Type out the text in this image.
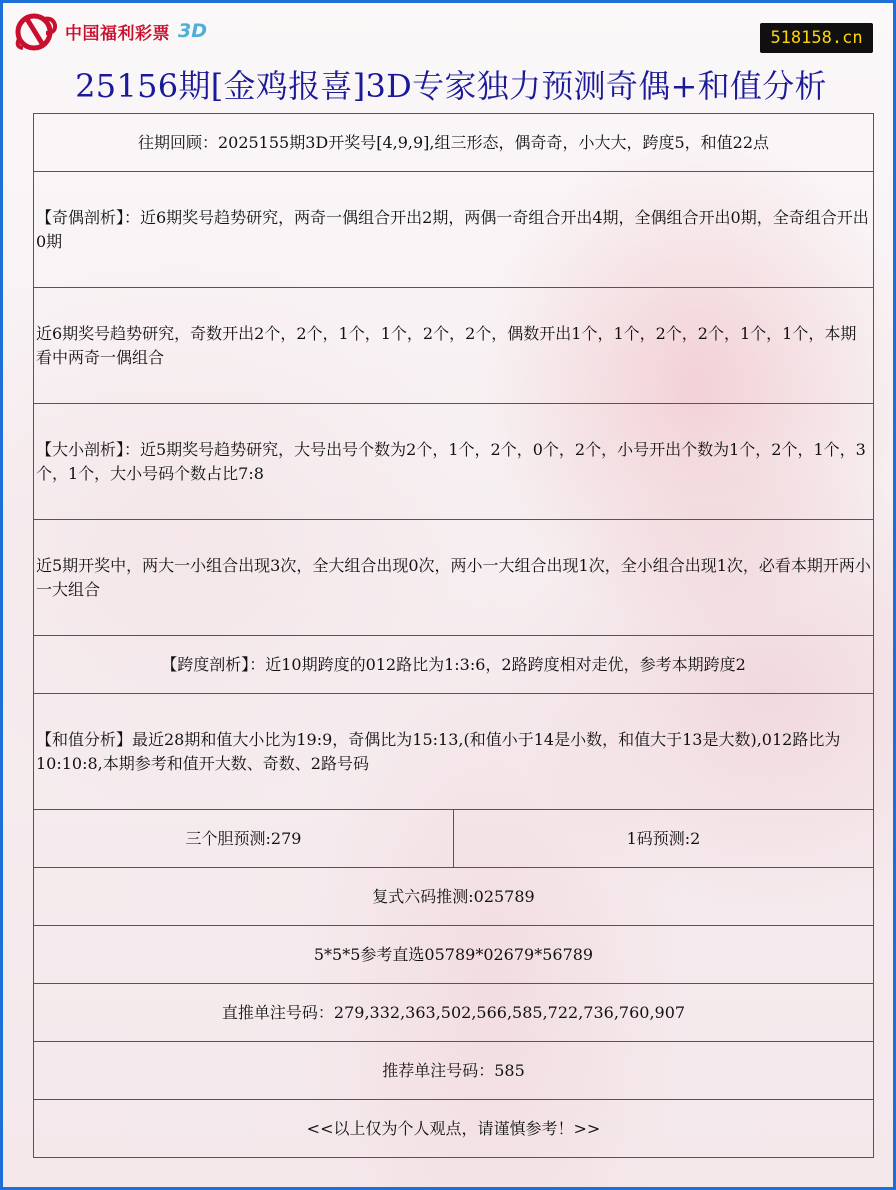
中国福利彩票 3D	518158.cn
25156期[金鸡报喜]3D专家独力预测奇偶+和值分析
往期回顾：2025155期3D开奖号[4,9,9],组三形态，偶奇奇，小大大，跨度5，和值22点
【奇偶剖析】：近6期奖号趋势研究，两奇一偶组合开出2期，两偶一奇组合开出4期，全偶组合开出0期，全奇组合开出0期
近6期奖号趋势研究，奇数开出2个，2个，1个，1个，2个，2个，偶数开出1个，1个，2个，2个，1个，1个，本期看中两奇一偶组合
【大小剖析】：近5期奖号趋势研究，大号出号个数为2个，1个，2个，0个，2个，小号开出个数为1个，2个，1个，3个，1个，大小号码个数占比7:8
近5期开奖中，两大一小组合出现3次，全大组合出现0次，两小一大组合出现1次，全小组合出现1次，必看本期开两小一大组合
【跨度剖析】：近10期跨度的012路比为1:3:6，2路跨度相对走优，参考本期跨度2
【和值分析】最近28期和值大小比为19:9，奇偶比为15:13,(和值小于14是小数，和值大于13是大数),012路比为10:10:8,本期参考和值开大数、奇数、2路号码
三个胆预测:279	1码预测:2
复式六码推测:025789
5*5*5参考直选05789*02679*56789
直推单注号码：279,332,363,502,566,585,722,736,760,907
推荐单注号码：585
<<以上仅为个人观点，请谨慎参考！>>
